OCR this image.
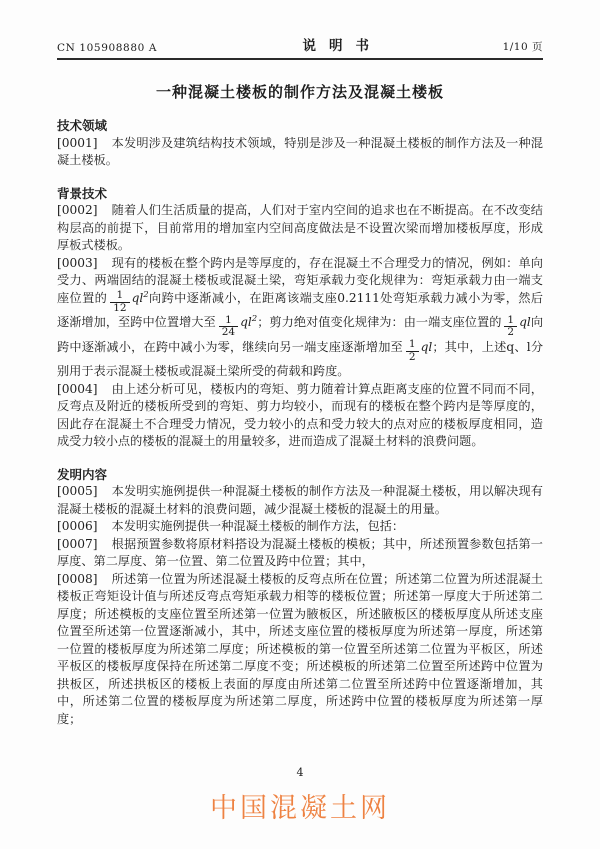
CN 105908880 A	说明书	1/10 页
一种混凝土楼板的制作方法及混凝土楼板
技术领域

[0001] 本发明涉及建筑结构技术领域，特别是涉及一种混凝土楼板的制作方法及一种混凝土楼板。

背景技术

[0002] 随着人们生活质量的提高，人们对于室内空间的追求也在不断提高。在不改变结构层高的前提下，目前常用的增加室内空间高度做法是不设置次梁而增加楼板厚度，形成厚板式楼板。

[0003] 现有的楼板在整个跨内是等厚度的，存在混凝土不合理受力的情况，例如：单向受力、两端固结的混凝土楼板或混凝土梁，弯矩承载力变化规律为：弯矩承载力由一端支座位置的 $\frac{1}{12} ql^2$向跨中逐渐减小，在距离该端支座0.2111处弯矩承载力减小为零，然后逐渐增加，至跨中位置增大至 $\frac{1}{24} ql^2$；剪力绝对值变化规律为：由一端支座位置的 $\frac{1}{2}$ ql向跨中逐渐减小，在跨中减小为零，继续向另一端支座逐渐增加至 $\frac{1}{2}$ ql；其中，上述q、l分别用于表示混凝土楼板或混凝土梁所受的荷载和跨度。

[0004] 由上述分析可见，楼板内的弯矩、剪力随着计算点距离支座的位置不同而不同，反弯点及附近的楼板所受到的弯矩、剪力均较小，而现有的楼板在整个跨内是等厚度的，因此存在混凝土不合理受力情况，受力较小的点和受力较大的点对应的楼板厚度相同，造成受力较小点的楼板的混凝土的用量较多，进而造成了混凝土材料的浪费问题。

发明内容

[0005] 本发明实施例提供一种混凝土楼板的制作方法及一种混凝土楼板，用以解决现有混凝土楼板的混凝土材料的浪费问题，减少混凝土楼板的混凝土的用量。

[0006] 本发明实施例提供一种混凝土楼板的制作方法，包括：

[0007] 根据预置参数将原材料搭设为混凝土楼板的模板；其中，所述预置参数包括第一厚度、第二厚度、第一位置、第二位置及跨中位置；其中，

[0008] 所述第一位置为所述混凝土楼板的反弯点所在位置；所述第二位置为所述混凝土楼板正弯矩设计值与所述反弯点弯矩承载力相等的楼板位置；所述第一厚度大于所述第二厚度；所述模板的支座位置至所述第一位置为腋板区，所述腋板区的楼板厚度从所述支座位置至所述第一位置逐渐减小，其中，所述支座位置的楼板厚度为所述第一厚度，所述第一位置的楼板厚度为所述第二厚度；所述模板的第一位置至所述第二位置为平板区，所述平板区的楼板厚度保持在所述第二厚度不变；所述模板的所述第二位置至所述跨中位置为拱板区，所述拱板区的楼板上表面的厚度由所述第二位置至所述跨中位置逐渐增加，其中，所述第二位置的楼板厚度为所述第二厚度，所述跨中位置的楼板厚度为所述第一厚度；

4
中国混凝土网
